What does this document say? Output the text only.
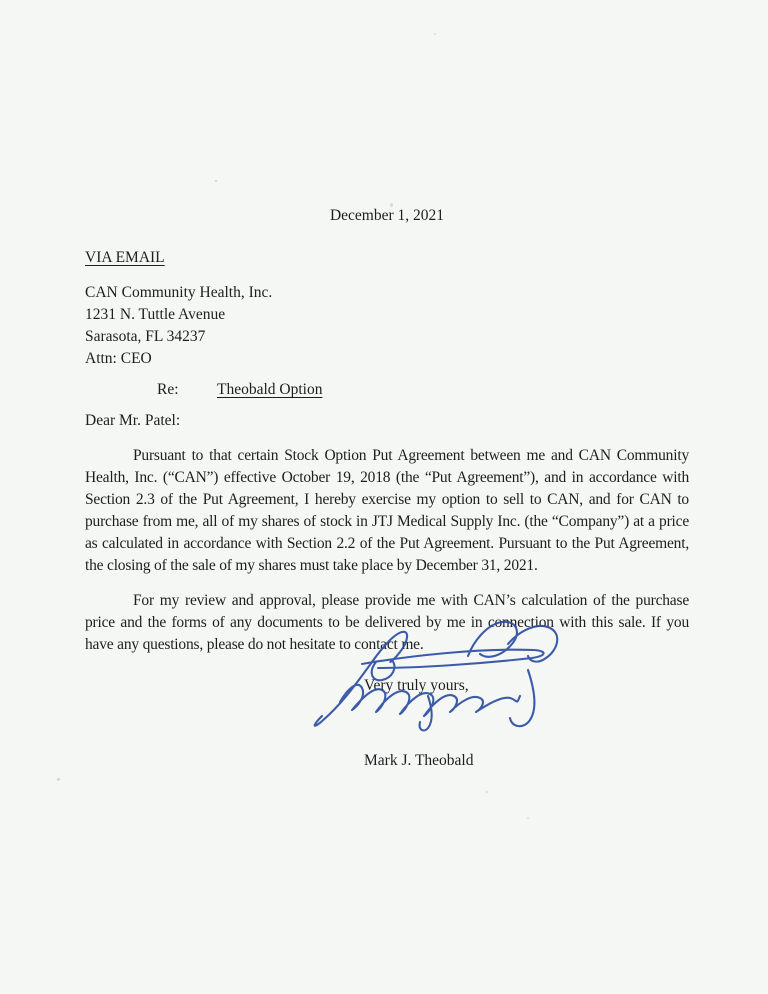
December 1, 2021
VIA EMAIL
CAN Community Health, Inc.
1231 N. Tuttle Avenue
Sarasota, FL 34237
Attn: CEO
Re: Theobald Option
Dear Mr. Patel:

Pursuant to that certain Stock Option Put Agreement between me and CAN Community Health, Inc. (“CAN”) effective October 19, 2018 (the “Put Agreement”), and in accordance with Section 2.3 of the Put Agreement, I hereby exercise my option to sell to CAN, and for CAN to purchase from me, all of my shares of stock in JTJ Medical Supply Inc. (the “Company”) at a price as calculated in accordance with Section 2.2 of the Put Agreement. Pursuant to the Put Agreement, the closing of the sale of my shares must take place by December 31, 2021.

For my review and approval, please provide me with CAN’s calculation of the purchase price and the forms of any documents to be delivered by me in connection with this sale. If you have any questions, please do not hesitate to contact me.

Very truly yours,
Mark J. Theobald
